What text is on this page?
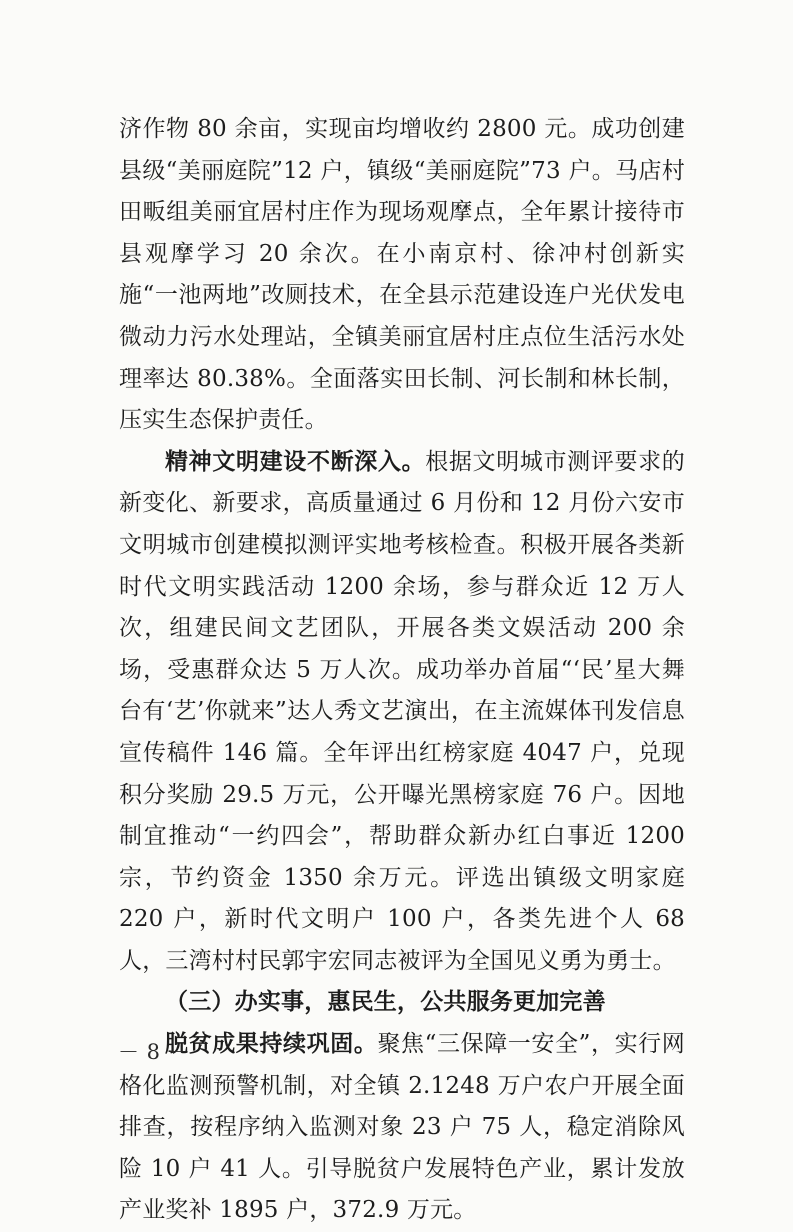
济作物 80 余亩，实现亩均增收约 2800 元。成功创建县级“美丽庭院”12 户，镇级“美丽庭院”73 户。马店村田畈组美丽宜居村庄作为现场观摩点，全年累计接待市县观摩学习 20 余次。在小南京村、徐冲村创新实施“一池两地”改厕技术，在全县示范建设连户光伏发电微动力污水处理站，全镇美丽宜居村庄点位生活污水处理率达 80.38%。全面落实田长制、河长制和林长制，压实生态保护责任。

精神文明建设不断深入。根据文明城市测评要求的新变化、新要求，高质量通过 6 月份和 12 月份六安市文明城市创建模拟测评实地考核检查。积极开展各类新时代文明实践活动 1200 余场，参与群众近 12 万人次，组建民间文艺团队，开展各类文娱活动 200 余场，受惠群众达 5 万人次。成功举办首届“‘民’星大舞台有‘艺’你就来”达人秀文艺演出，在主流媒体刊发信息宣传稿件 146 篇。全年评出红榜家庭 4047 户，兑现积分奖励 29.5 万元，公开曝光黑榜家庭 76 户。因地制宜推动“一约四会”，帮助群众新办红白事近 1200 宗，节约资金 1350 余万元。评选出镇级文明家庭 220 户，新时代文明户 100 户，各类先进个人 68 人，三湾村村民郭宇宏同志被评为全国见义勇为勇士。

（三）办实事，惠民生，公共服务更加完善

脱贫成果持续巩固。聚焦“三保障一安全”，实行网格化监测预警机制，对全镇 2.1248 万户农户开展全面排查，按程序纳入监测对象 23 户 75 人，稳定消除风险 10 户 41 人。引导脱贫户发展特色产业，累计发放产业奖补 1895 户，372.9 万元。

－ 8 －
